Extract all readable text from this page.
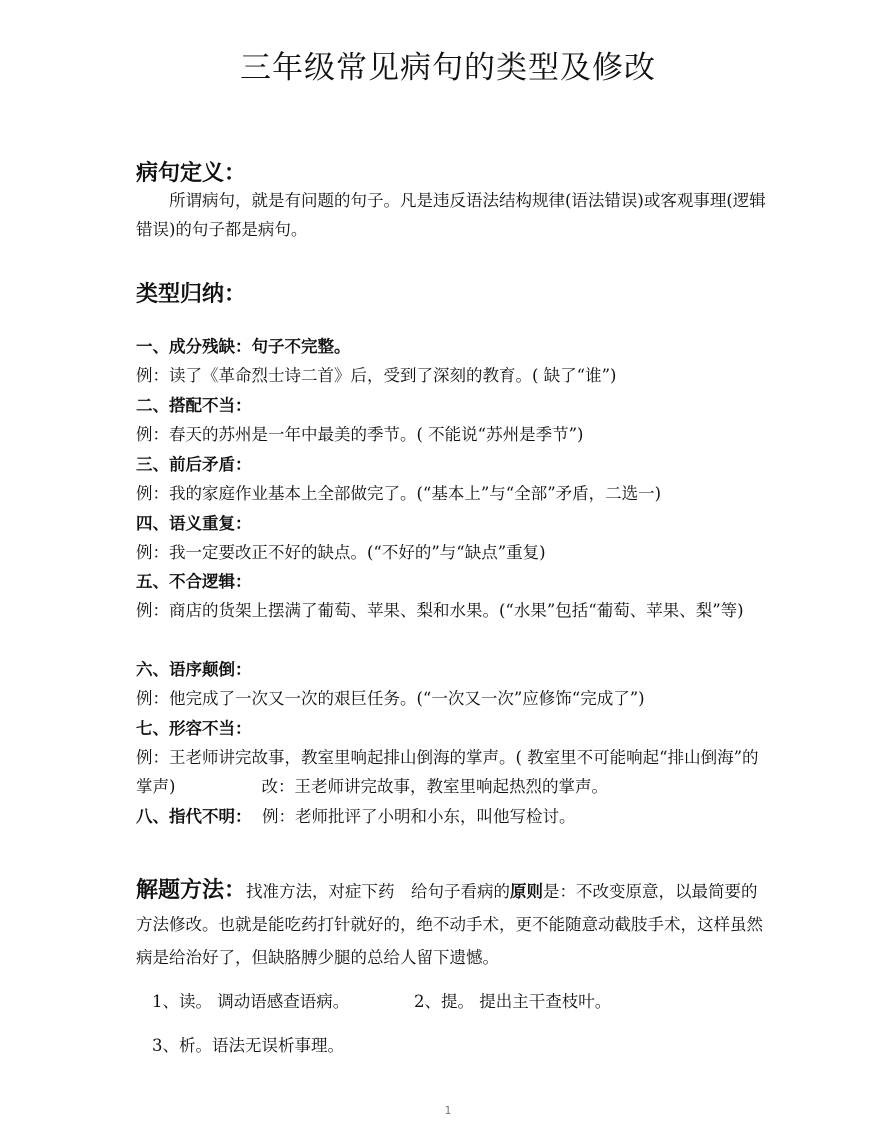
三年级常见病句的类型及修改
病句定义：

所谓病句，就是有问题的句子。凡是违反语法结构规律(语法错误)或客观事理(逻辑错误)的句子都是病句。

类型归纳：

一、成分残缺：句子不完整。

例：读了《革命烈士诗二首》后，受到了深刻的教育。( 缺了“谁”)

二、搭配不当：

例：春天的苏州是一年中最美的季节。( 不能说“苏州是季节”)

三、前后矛盾：

例：我的家庭作业基本上全部做完了。(“基本上”与“全部”矛盾，二选一)

四、语义重复：

例：我一定要改正不好的缺点。(“不好的”与“缺点”重复)

五、不合逻辑：

例：商店的货架上摆满了葡萄、苹果、梨和水果。(“水果”包括“葡萄、苹果、梨”等)

六、语序颠倒：

例：他完成了一次又一次的艰巨任务。(“一次又一次”应修饰“完成了”)

七、形容不当：

例：王老师讲完故事，教室里响起排山倒海的掌声。( 教室里不可能响起“排山倒海”的掌声)	改：王老师讲完故事，教室里响起热烈的掌声。

八、指代不明： 例：老师批评了小明和小东，叫他写检讨。

解题方法：找准方法，对症下药　给句子看病的原则是：不改变原意，以最简要的方法修改。也就是能吃药打针就好的，绝不动手术，更不能随意动截肢手术，这样虽然病是给治好了，但缺胳膊少腿的总给人留下遗憾。

1、读。 调动语感查语病。	2、提。 提出主干查枝叶。

3、析。语法无误析事理。

1
